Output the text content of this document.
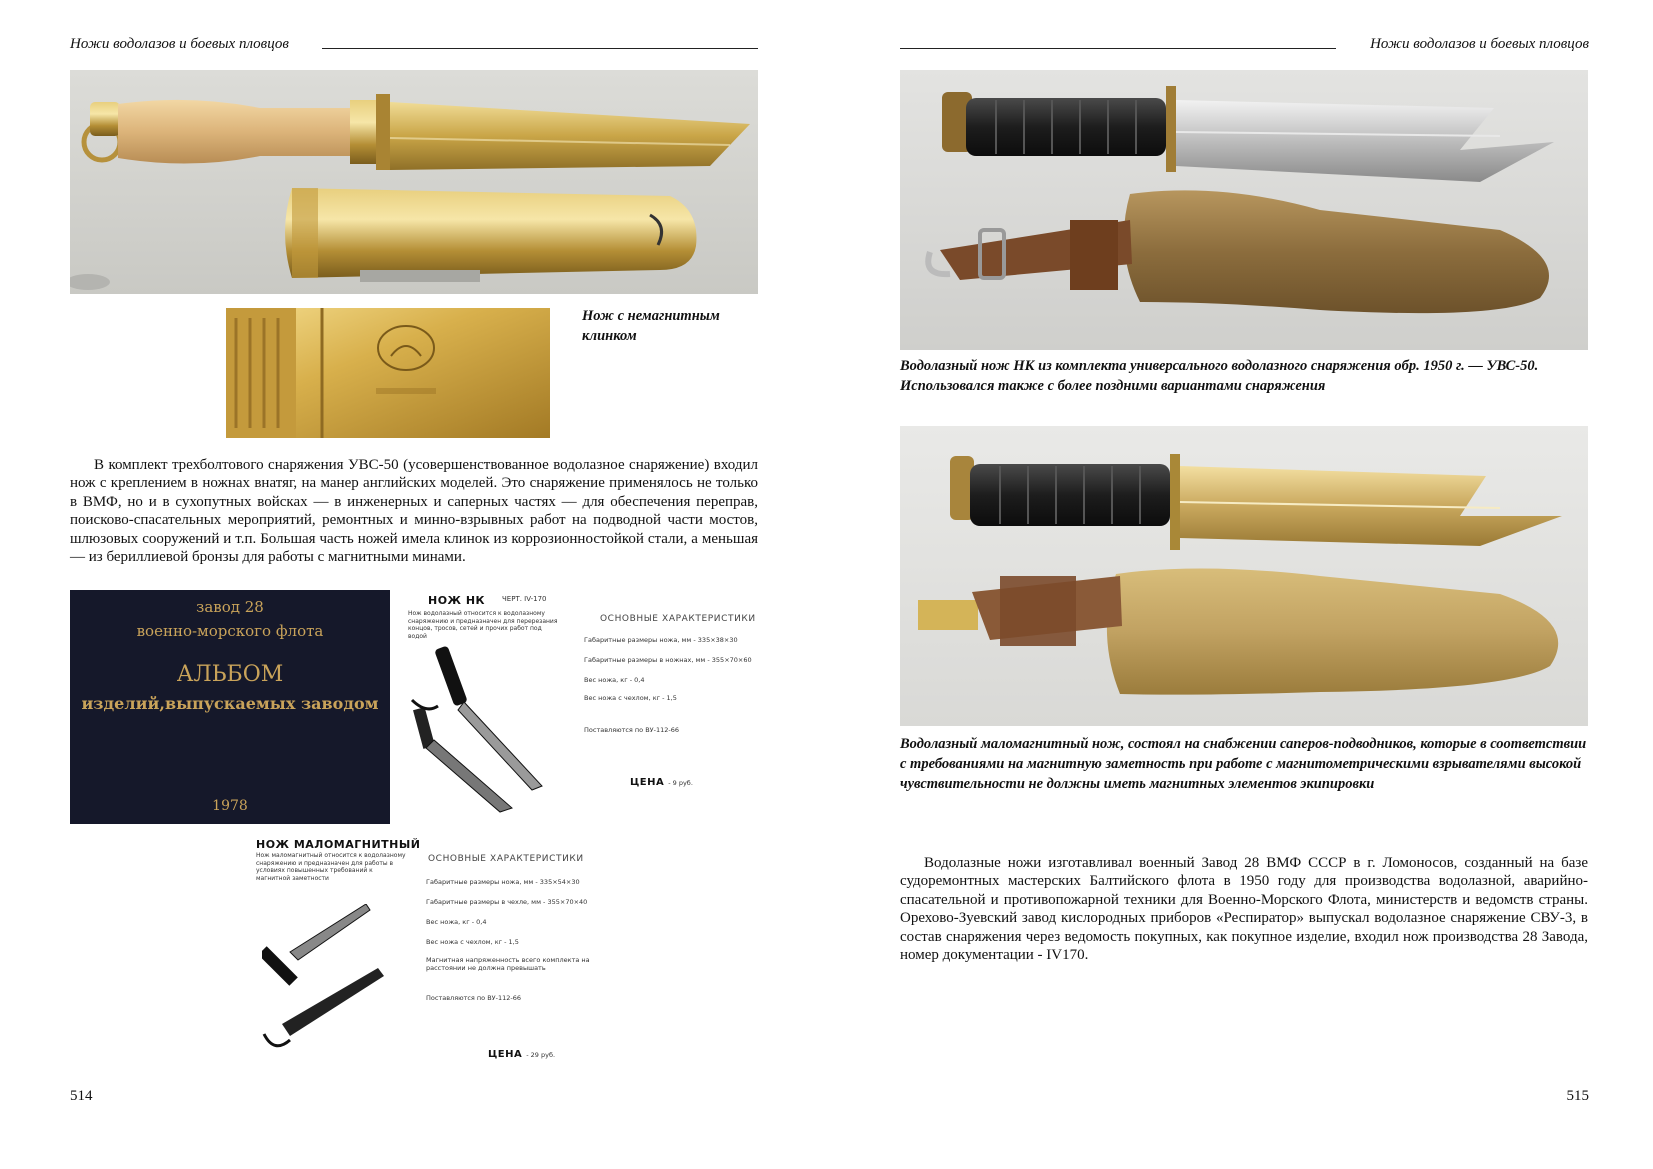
Ножи водолазов и боевых пловцов	Ножи водолазов и боевых пловцов
Нож с немагнитным клинком

В комплект трехболтового снаряжения УВС-50 (усовершенствованное водолазное снаряжение) входил нож с креплением в ножнах внатяг, на манер английских моделей. Это снаряжение применялось не только в ВМФ, но и в сухопутных войсках — в инженерных и саперных частях — для обеспечения переправ, поисково-спасательных мероприятий, ремонтных и минно-взрывных работ на подводной части мостов, шлюзовых сооружений и т.п. Большая часть ножей имела клинок из коррозионностойкой стали, а меньшая — из бериллиевой бронзы для работы с магнитными минами.

завод 28
военно-морского флота
АЛЬБОМ
изделий,выпускаемых заводом
1978
НОЖ НК ЧЕРТ. IV-170
Нож водолазный относится к водолазному снаряжению и предназначен для перерезания концов, тросов, сетей и прочих работ под водой
ОСНОВНЫЕ ХАРАКТЕРИСТИКИ
Габаритные размеры ножа, мм - 335×38×30
Габаритные размеры в ножнах, мм - 355×70×60
Вес ножа, кг - 0,4
Вес ножа с чехлом, кг - 1,5
Поставляются по ВУ-112-66
ЦЕНА - 9 руб.
НОЖ МАЛОМАГНИТНЫЙ
Нож маломагнитный относится к водолазному снаряжению и предназначен для работы в условиях повышенных требований к магнитной заметности
ОСНОВНЫЕ ХАРАКТЕРИСТИКИ
Габаритные размеры ножа, мм - 335×54×30
Габаритные размеры в чехле, мм - 355×70×40
Вес ножа, кг - 0,4
Вес ножа с чехлом, кг - 1,5
Магнитная напряженность всего комплекта на расстоянии не должна превышать
Поставляются по ВУ-112-66
ЦЕНА - 29 руб.
514
Водолазный нож НК из комплекта универсального водолазного снаряжения обр. 1950 г. — УВС-50. Использовался также с более поздними вариантами снаряжения
Водолазный маломагнитный нож, состоял на снабжении саперов-подводников, которые в соответствии с требованиями на магнитную заметность при работе с магнитометрическими взрывателями высокой чувствительности не должны иметь магнитных элементов экипировки

Водолазные ножи изготавливал военный Завод 28 ВМФ СССР в г. Ломоносов, созданный на базе судоремонтных мастерских Балтийского флота в 1950 году для производства водолазной, аварийно-спасательной и противопожарной техники для Военно-Морского Флота, министерств и ведомств страны. Орехово-Зуевский завод кислородных приборов «Респиратор» выпускал водолазное снаряжение СВУ-3, в состав снаряжения через ведомость покупных, как покупное изделие, входил нож производства 28 Завода, номер документации - IV170.

515
